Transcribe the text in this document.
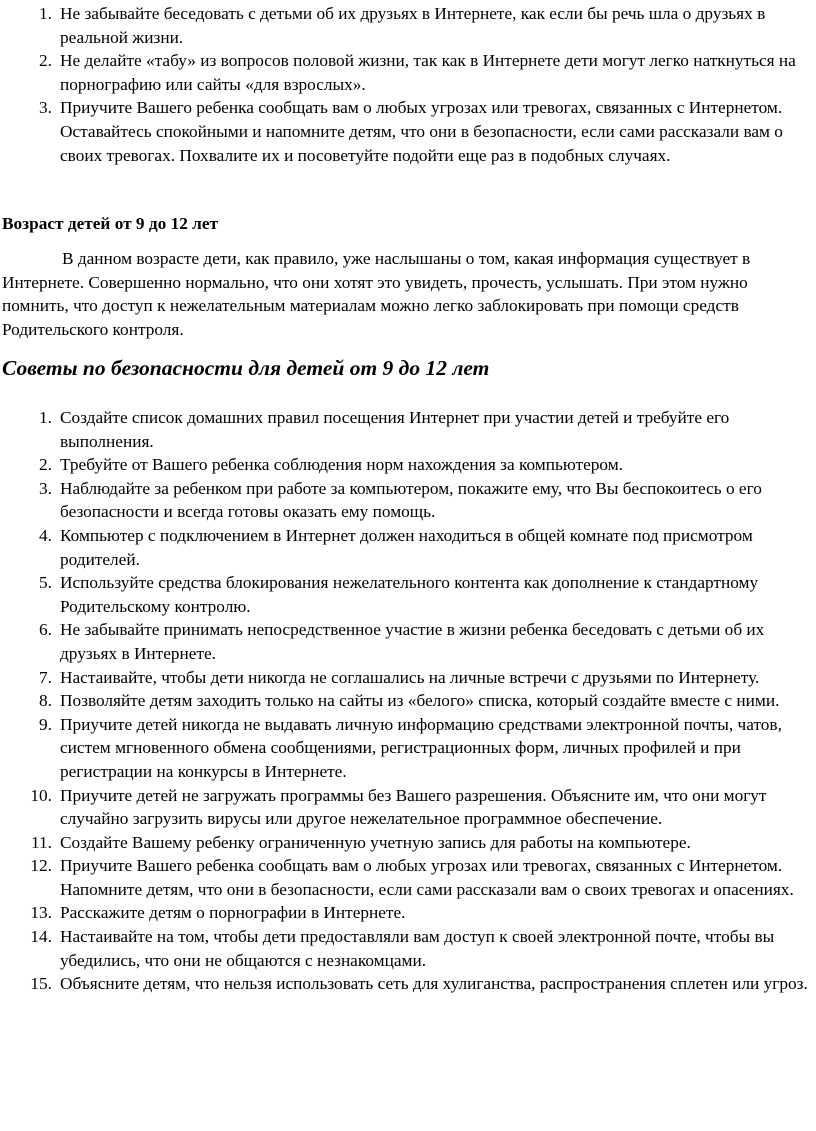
1. Не забывайте беседовать с детьми об их друзьях в Интернете, как если бы речь шла о друзьях в реальной жизни.
2. Не делайте «табу» из вопросов половой жизни, так как в Интернете дети могут легко наткнуться на порнографию или сайты «для взрослых».
3. Приучите Вашего ребенка сообщать вам о любых угрозах или тревогах, связанных с Интернетом. Оставайтесь спокойными и напомните детям, что они в безопасности, если сами рассказали вам о своих тревогах. Похвалите их и посоветуйте подойти еще раз в подобных случаях.

Возраст детей от 9 до 12 лет

В данном возрасте дети, как правило, уже наслышаны о том, какая информация существует в Интернете. Совершенно нормально, что они хотят это увидеть, прочесть, услышать. При этом нужно помнить, что доступ к нежелательным материалам можно легко заблокировать при помощи средств Родительского контроля.

Советы по безопасности для детей от 9 до 12 лет
1. Создайте список домашних правил посещения Интернет при участии детей и требуйте его выполнения.
2. Требуйте от Вашего ребенка соблюдения норм нахождения за компьютером.
3. Наблюдайте за ребенком при работе за компьютером, покажите ему, что Вы беспокоитесь о его безопасности и всегда готовы оказать ему помощь.
4. Компьютер с подключением в Интернет должен находиться в общей комнате под присмотром родителей.
5. Используйте средства блокирования нежелательного контента как дополнение к стандартному Родительскому контролю.
6. Не забывайте принимать непосредственное участие в жизни ребенка беседовать с детьми об их друзьях в Интернете.
7. Настаивайте, чтобы дети никогда не соглашались на личные встречи с друзьями по Интернету.
8. Позволяйте детям заходить только на сайты из «белого» списка, который создайте вместе с ними.
9. Приучите детей никогда не выдавать личную информацию средствами электронной почты, чатов, систем мгновенного обмена сообщениями, регистрационных форм, личных профилей и при регистрации на конкурсы в Интернете.
10. Приучите детей не загружать программы без Вашего разрешения. Объясните им, что они могут случайно загрузить вирусы или другое нежелательное программное обеспечение.
11. Создайте Вашему ребенку ограниченную учетную запись для работы на компьютере.
12. Приучите Вашего ребенка сообщать вам о любых угрозах или тревогах, связанных с Интернетом. Напомните детям, что они в безопасности, если сами рассказали вам о своих тревогах и опасениях.
13. Расскажите детям о порнографии в Интернете.
14. Настаивайте на том, чтобы дети предоставляли вам доступ к своей электронной почте, чтобы вы убедились, что они не общаются с незнакомцами.
15. Объясните детям, что нельзя использовать сеть для хулиганства, распространения сплетен или угроз.
